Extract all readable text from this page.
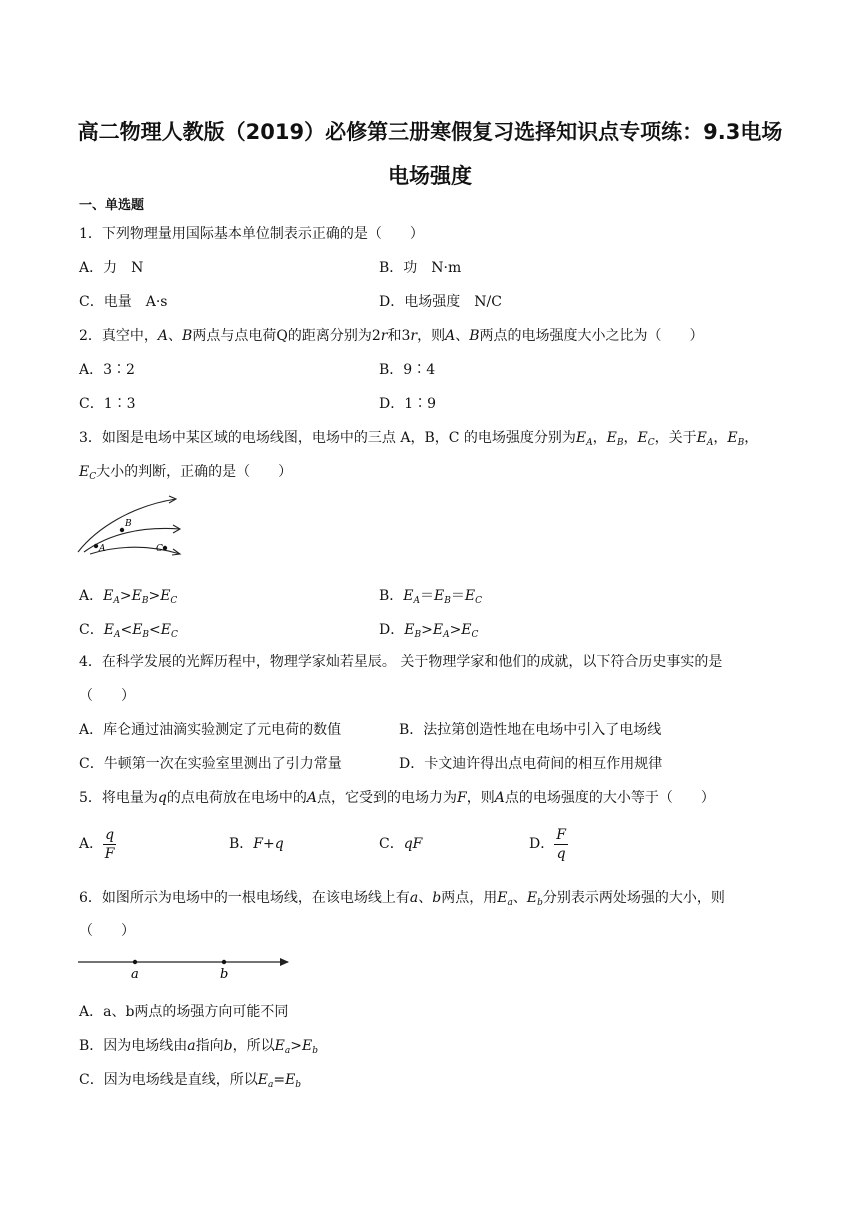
高二物理人教版（2019）必修第三册寒假复习选择知识点专项练：9.3电场
电场强度
一、单选题
1．下列物理量用国际基本单位制表示正确的是（　　）
A．力　N	B．功　N·m
C．电量　A·s	D．电场强度　N/C
2．真空中，A、B两点与点电荷Q的距离分别为2r和3r，则A、B两点的电场强度大小之比为（　　）
A．3∶2	B．9∶4
C．1∶3	D．1∶9
3．如图是电场中某区域的电场线图，电场中的三点 A，B，C 的电场强度分别为$E_A$，$E_B$，$E_C$，关于$E_A$，$E_B$，
$E_C$大小的判断，正确的是（　　）
A
B
C
A．$E_A>E_B>E_C$	B．$E_A=E_B=E_C$
C．$E_A<E_B<E_C$	D．$E_B>E_A>E_C$
4．在科学发展的光辉历程中，物理学家灿若星辰。 关于物理学家和他们的成就，以下符合历史事实的是
（　　）
A．库仑通过油滴实验测定了元电荷的数值	B．法拉第创造性地在电场中引入了电场线
C．牛顿第一次在实验室里测出了引力常量	D．卡文迪许得出点电荷间的相互作用规律
5．将电量为q的点电荷放在电场中的A点，它受到的电场力为F，则A点的电场强度的大小等于（　　）
A． $\frac{q}{F}$	B．F+q	C．qF	D． $\frac{F}{q}$
6．如图所示为电场中的一根电场线，在该电场线上有a、b两点，用$E_a$、$E_b$分别表示两处场强的大小，则
（　　）
a	b
A．a、b两点的场强方向可能不同
B．因为电场线由a指向b，所以$E_a>E_b$
C．因为电场线是直线，所以$E_a=E_b$
